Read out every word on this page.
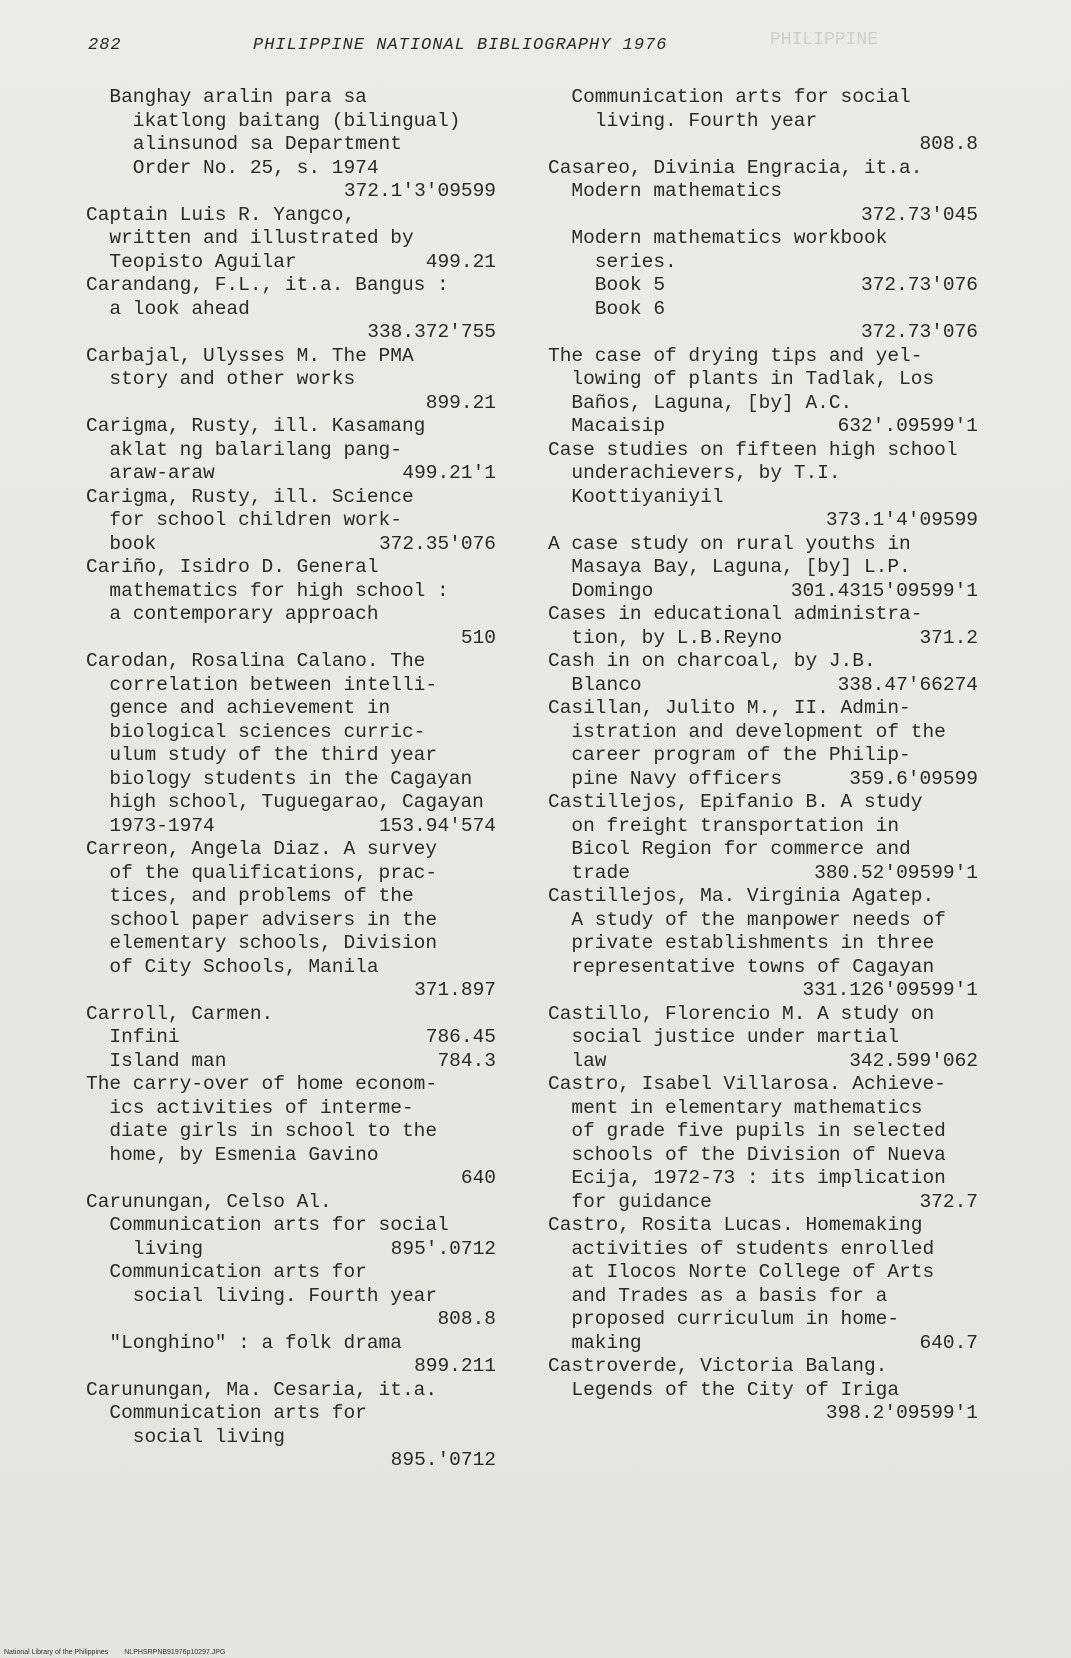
PHILIPPINE
282	PHILIPPINE NATIONAL BIBLIOGRAPHY 1976
Banghay aralin para sa
ikatlong baitang (bilingual)
alinsunod sa Department
Order No. 25, s. 1974
372.1'3'09599
Captain Luis R. Yangco,
written and illustrated by
Teopisto Aguilar	499.21
Carandang, F.L., it.a. Bangus :
a look ahead
338.372'755
Carbajal, Ulysses M. The PMA
story and other works
899.21
Carigma, Rusty, ill. Kasamang
aklat ng balarilang pang-
araw-araw	499.21'1
Carigma, Rusty, ill. Science
for school children work-
book	372.35'076
Cariño, Isidro D. General
mathematics for high school :
a contemporary approach
510
Carodan, Rosalina Calano. The
correlation between intelli-
gence and achievement in
biological sciences curric-
ulum study of the third year
biology students in the Cagayan
high school, Tuguegarao, Cagayan
1973-1974	153.94'574
Carreon, Angela Diaz. A survey
of the qualifications, prac-
tices, and problems of the
school paper advisers in the
elementary schools, Division
of City Schools, Manila
371.897
Carroll, Carmen.
Infini	786.45
Island man	784.3
The carry-over of home econom-
ics activities of interme-
diate girls in school to the
home, by Esmenia Gavino
640
Carunungan, Celso Al.
Communication arts for social
living	895'.0712
Communication arts for
social living. Fourth year
808.8
"Longhino" : a folk drama
899.211
Carunungan, Ma. Cesaria, it.a.
Communication arts for
social living
895.'0712
Communication arts for social
living. Fourth year
808.8
Casareo, Divinia Engracia, it.a.
Modern mathematics
372.73'045
Modern mathematics workbook
series.
Book 5	372.73'076
Book 6
372.73'076
The case of drying tips and yel-
lowing of plants in Tadlak, Los
Baños, Laguna, [by] A.C.
Macaisip	632'.09599'1
Case studies on fifteen high school
underachievers, by T.I.
Koottiyaniyil
373.1'4'09599
A case study on rural youths in
Masaya Bay, Laguna, [by] L.P.
Domingo	301.4315'09599'1
Cases in educational administra-
tion, by L.B.Reyno	371.2
Cash in on charcoal, by J.B.
Blanco	338.47'66274
Casillan, Julito M., II. Admin-
istration and development of the
career program of the Philip-
pine Navy officers	359.6'09599
Castillejos, Epifanio B. A study
on freight transportation in
Bicol Region for commerce and
trade	380.52'09599'1
Castillejos, Ma. Virginia Agatep.
A study of the manpower needs of
private establishments in three
representative towns of Cagayan
331.126'09599'1
Castillo, Florencio M. A study on
social justice under martial
law	342.599'062
Castro, Isabel Villarosa. Achieve-
ment in elementary mathematics
of grade five pupils in selected
schools of the Division of Nueva
Ecija, 1972-73 : its implication
for guidance	372.7
Castro, Rosita Lucas. Homemaking
activities of students enrolled
at Ilocos Norte College of Arts
and Trades as a basis for a
proposed curriculum in home-
making	640.7
Castroverde, Victoria Balang.
Legends of the City of Iriga
398.2'09599'1
National Library of the Philippines NLPHSRPNB91976p10297.JPG
